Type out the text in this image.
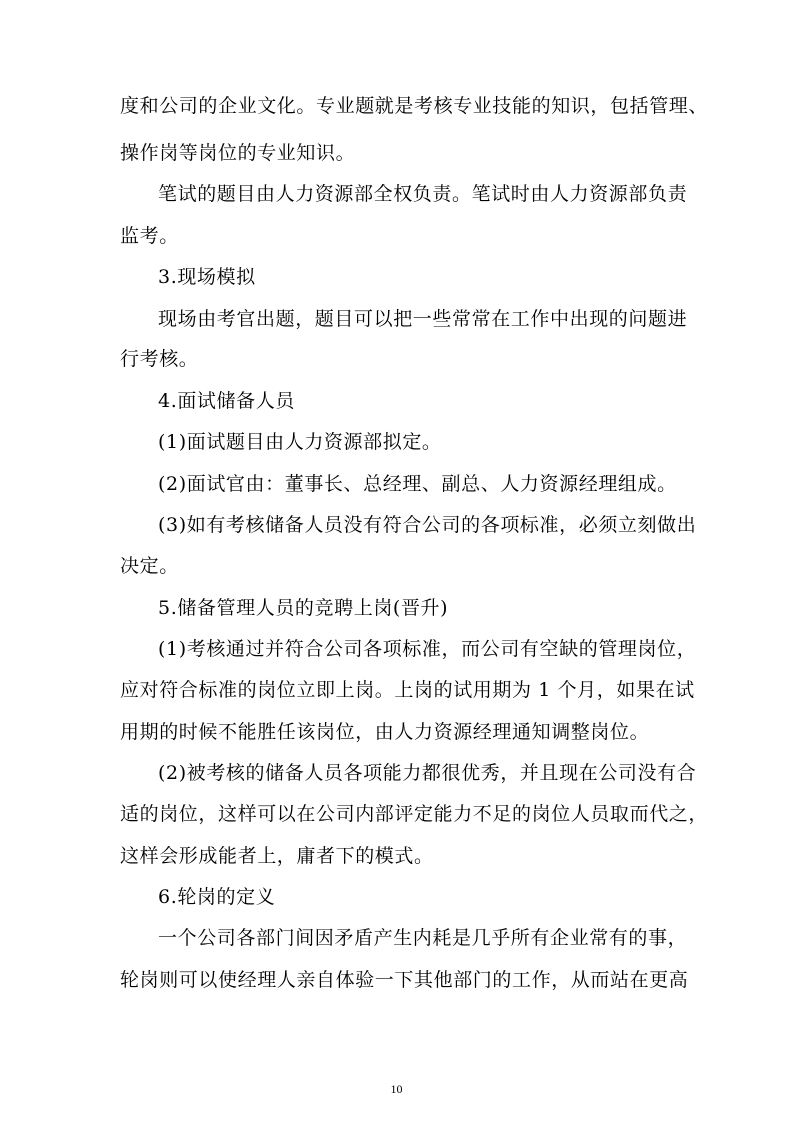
度和公司的企业文化。专业题就是考核专业技能的知识，包括管理、
操作岗等岗位的专业知识。
笔试的题目由人力资源部全权负责。笔试时由人力资源部负责
监考。
3.现场模拟
现场由考官出题，题目可以把一些常常在工作中出现的问题进
行考核。
4.面试储备人员
(1)面试题目由人力资源部拟定。
(2)面试官由：董事长、总经理、副总、人力资源经理组成。
(3)如有考核储备人员没有符合公司的各项标准，必须立刻做出
决定。
5.储备管理人员的竞聘上岗(晋升)
(1)考核通过并符合公司各项标准，而公司有空缺的管理岗位，
应对符合标准的岗位立即上岗。上岗的试用期为 1 个月，如果在试
用期的时候不能胜任该岗位，由人力资源经理通知调整岗位。
(2)被考核的储备人员各项能力都很优秀，并且现在公司没有合
适的岗位，这样可以在公司内部评定能力不足的岗位人员取而代之，
这样会形成能者上，庸者下的模式。
6.轮岗的定义
一个公司各部门间因矛盾产生内耗是几乎所有企业常有的事，
轮岗则可以使经理人亲自体验一下其他部门的工作，从而站在更高
10
